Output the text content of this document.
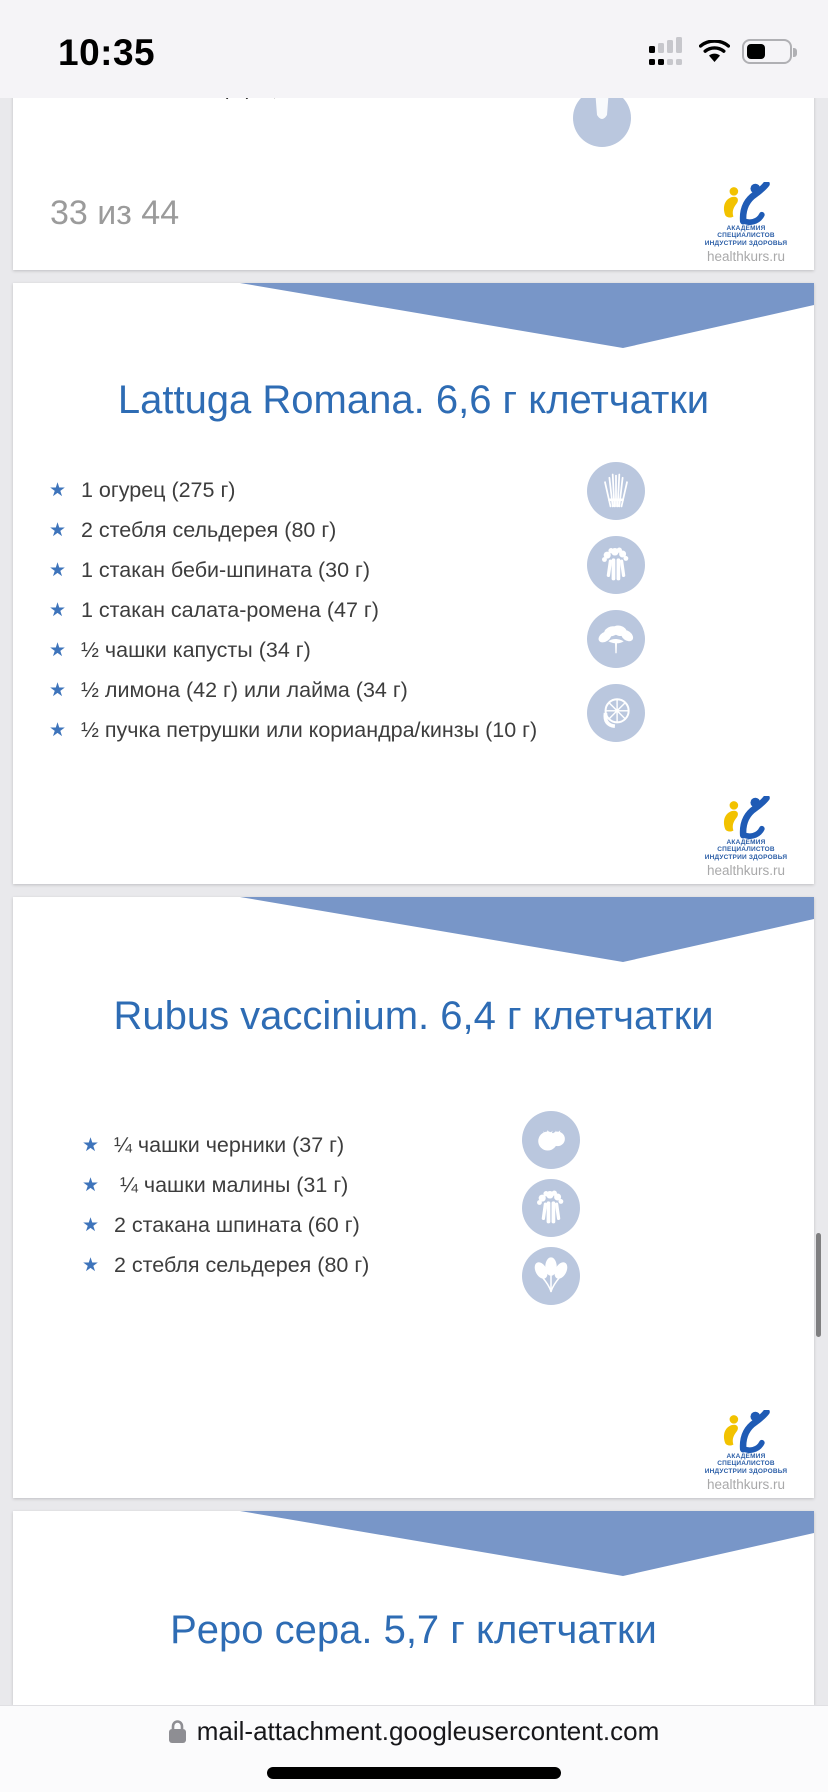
10:35
33 из 44	АКАДЕМИЯ СПЕЦИАЛИСТОВ
ИНДУСТРИИ ЗДОРОВЬЯ
healthkurs.ru
Lattuga Romana. 6,6 г клетчатки
★ 1 огурец (275 г)
★ 2 стебля сельдерея (80 г)
★ 1 стакан беби-шпината (30 г)
★ 1 стакан салата-ромена (47 г)
★ ½ чашки капусты (34 г)
★ ½ лимона (42 г) или лайма (34 г)
★ ½ пучка петрушки или кориандра/кинзы (10 г)
АКАДЕМИЯ СПЕЦИАЛИСТОВ
ИНДУСТРИИ ЗДОРОВЬЯ
healthkurs.ru
Rubus vaccinium. 6,4 г клетчатки
★ ¼ чашки черники (37 г)
★ ¼ чашки малины (31 г)
★ 2 стакана шпината (60 г)
★ 2 стебля сельдерея (80 г)
АКАДЕМИЯ СПЕЦИАЛИСТОВ
ИНДУСТРИИ ЗДОРОВЬЯ
healthkurs.ru
Pepo cepa. 5,7 г клетчатки
mail-attachment.googleusercontent.com
